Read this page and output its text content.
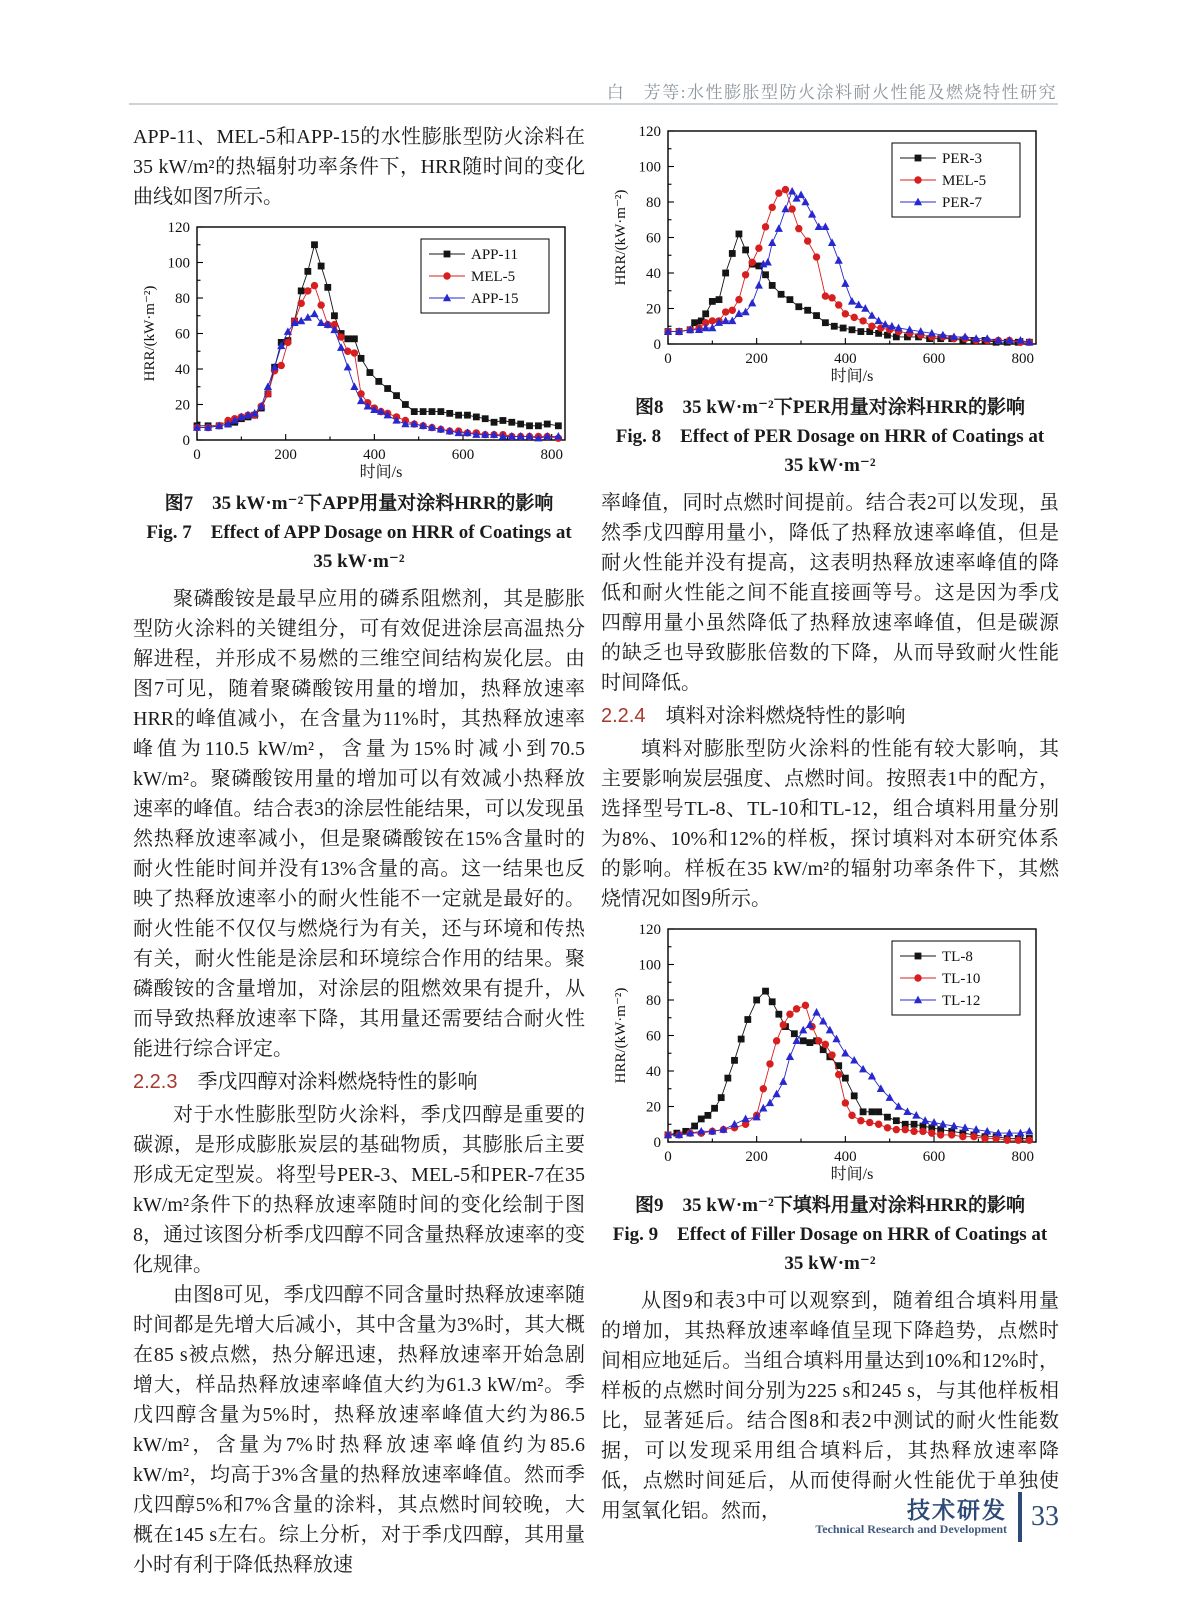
白　芳等:水性膨胀型防火涂料耐火性能及燃烧特性研究

APP-11、MEL-5和APP-15的水性膨胀型防火涂料在35 kW/m²的热辐射功率条件下，HRR随时间的变化曲线如图7所示。

0	200	400	600	800
0
20
40
60
80
100
120
时间/s
HRR/(kW·m⁻²)
APP-11
MEL-5
APP-15
图7　35 kW·m⁻²下APP用量对涂料HRR的影响
Fig. 7　Effect of APP Dosage on HRR of Coatings at
35 kW·m⁻²

聚磷酸铵是最早应用的磷系阻燃剂，其是膨胀型防火涂料的关键组分，可有效促进涂层高温热分解进程，并形成不易燃的三维空间结构炭化层。由图7可见，随着聚磷酸铵用量的增加，热释放速率HRR的峰值减小，在含量为11%时，其热释放速率峰值为110.5 kW/m²，含量为15%时减小到70.5 kW/m²。聚磷酸铵用量的增加可以有效减小热释放速率的峰值。结合表3的涂层性能结果，可以发现虽然热释放速率减小，但是聚磷酸铵在15%含量时的耐火性能时间并没有13%含量的高。这一结果也反映了热释放速率小的耐火性能不一定就是最好的。耐火性能不仅仅与燃烧行为有关，还与环境和传热有关，耐火性能是涂层和环境综合作用的结果。聚磷酸铵的含量增加，对涂层的阻燃效果有提升，从而导致热释放速率下降，其用量还需要结合耐火性能进行综合评定。

2.2.3 季戊四醇对涂料燃烧特性的影响

对于水性膨胀型防火涂料，季戊四醇是重要的碳源，是形成膨胀炭层的基础物质，其膨胀后主要形成无定型炭。将型号PER-3、MEL-5和PER-7在35 kW/m²条件下的热释放速率随时间的变化绘制于图8，通过该图分析季戊四醇不同含量热释放速率的变化规律。

由图8可见，季戊四醇不同含量时热释放速率随时间都是先增大后减小，其中含量为3%时，其大概在85 s被点燃，热分解迅速，热释放速率开始急剧增大，样品热释放速率峰值大约为61.3 kW/m²。季戊四醇含量为5%时，热释放速率峰值大约为86.5 kW/m²，含量为7%时热释放速率峰值约为85.6 kW/m²，均高于3%含量的热释放速率峰值。然而季戊四醇5%和7%含量的涂料，其点燃时间较晚，大概在145 s左右。综上分析，对于季戊四醇，其用量小时有利于降低热释放速

0	200	400	600	800
0
20
40
60
80
100
120
时间/s
HRR/(kW·m⁻²)
PER-3
MEL-5
PER-7
图8　35 kW·m⁻²下PER用量对涂料HRR的影响
Fig. 8　Effect of PER Dosage on HRR of Coatings at
35 kW·m⁻²

率峰值，同时点燃时间提前。结合表2可以发现，虽然季戊四醇用量小，降低了热释放速率峰值，但是耐火性能并没有提高，这表明热释放速率峰值的降低和耐火性能之间不能直接画等号。这是因为季戊四醇用量小虽然降低了热释放速率峰值，但是碳源的缺乏也导致膨胀倍数的下降，从而导致耐火性能时间降低。

2.2.4 填料对涂料燃烧特性的影响

填料对膨胀型防火涂料的性能有较大影响，其主要影响炭层强度、点燃时间。按照表1中的配方，选择型号TL-8、TL-10和TL-12，组合填料用量分别为8%、10%和12%的样板，探讨填料对本研究体系的影响。样板在35 kW/m²的辐射功率条件下，其燃烧情况如图9所示。

0	200	400	600	800
0
20
40
60
80
100
120
时间/s
HRR/(kW·m⁻²)
TL-8
TL-10
TL-12
图9　35 kW·m⁻²下填料用量对涂料HRR的影响
Fig. 9　Effect of Filler Dosage on HRR of Coatings at
35 kW·m⁻²

从图9和表3中可以观察到，随着组合填料用量的增加，其热释放速率峰值呈现下降趋势，点燃时间相应地延后。当组合填料用量达到10%和12%时，样板的点燃时间分别为225 s和245 s，与其他样板相比，显著延后。结合图8和表2中测试的耐火性能数据，可以发现采用组合填料后，其热释放速率降低，点燃时间延后，从而使得耐火性能优于单独使用氢氧化铝。然而，	技术研发
Technical Research and Development 33
